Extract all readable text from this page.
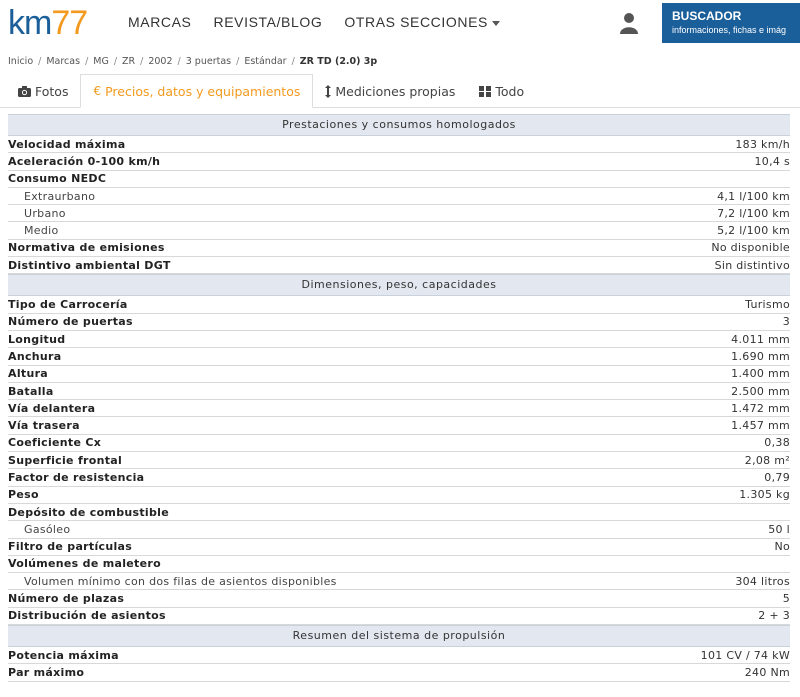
km77	MARCAS REVISTA/BLOG OTRAS SECCIONES	BUSCADOR
informaciones, fichas e imág
Inicio / Marcas / MG / ZR / 2002 / 3 puertas / Estándar / ZR TD (2.0) 3p
Fotos € Precios, datos y equipamientos	Mediciones propias	Todo
Prestaciones y consumos homologados
Velocidad máxima	183 km/h
Aceleración 0-100 km/h	10,4 s
Consumo NEDC
Extraurbano	4,1 l/100 km
Urbano	7,2 l/100 km
Medio	5,2 l/100 km
Normativa de emisiones	No disponible
Distintivo ambiental DGT	Sin distintivo
Dimensiones, peso, capacidades
Tipo de Carrocería	Turismo
Número de puertas	3
Longitud	4.011 mm
Anchura	1.690 mm
Altura	1.400 mm
Batalla	2.500 mm
Vía delantera	1.472 mm
Vía trasera	1.457 mm
Coeficiente Cx	0,38
Superficie frontal	2,08 m²
Factor de resistencia	0,79
Peso	1.305 kg
Depósito de combustible
Gasóleo	50 l
Filtro de partículas	No
Volúmenes de maletero
Volumen mínimo con dos filas de asientos disponibles	304 litros
Número de plazas	5
Distribución de asientos	2 + 3
Resumen del sistema de propulsión
Potencia máxima	101 CV / 74 kW
Par máximo	240 Nm
